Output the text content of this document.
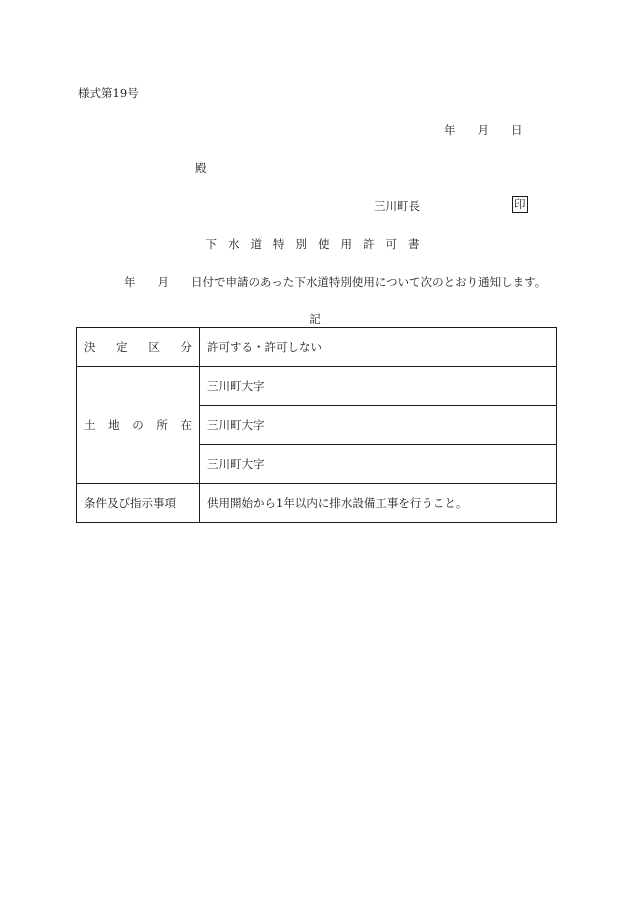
様式第19号
年 月 日
殿
三川町長	印
下水道特別使用許可書
年 月 日付で申請のあった下水道特別使用について次のとおり通知します。
記
決 定 区 分	許可する・許可しない

土 地 の 所 在	三川町大字
	三川町大字
	三川町大字
条件及び指示事項	供用開始から1年以内に排水設備工事を行うこと。
